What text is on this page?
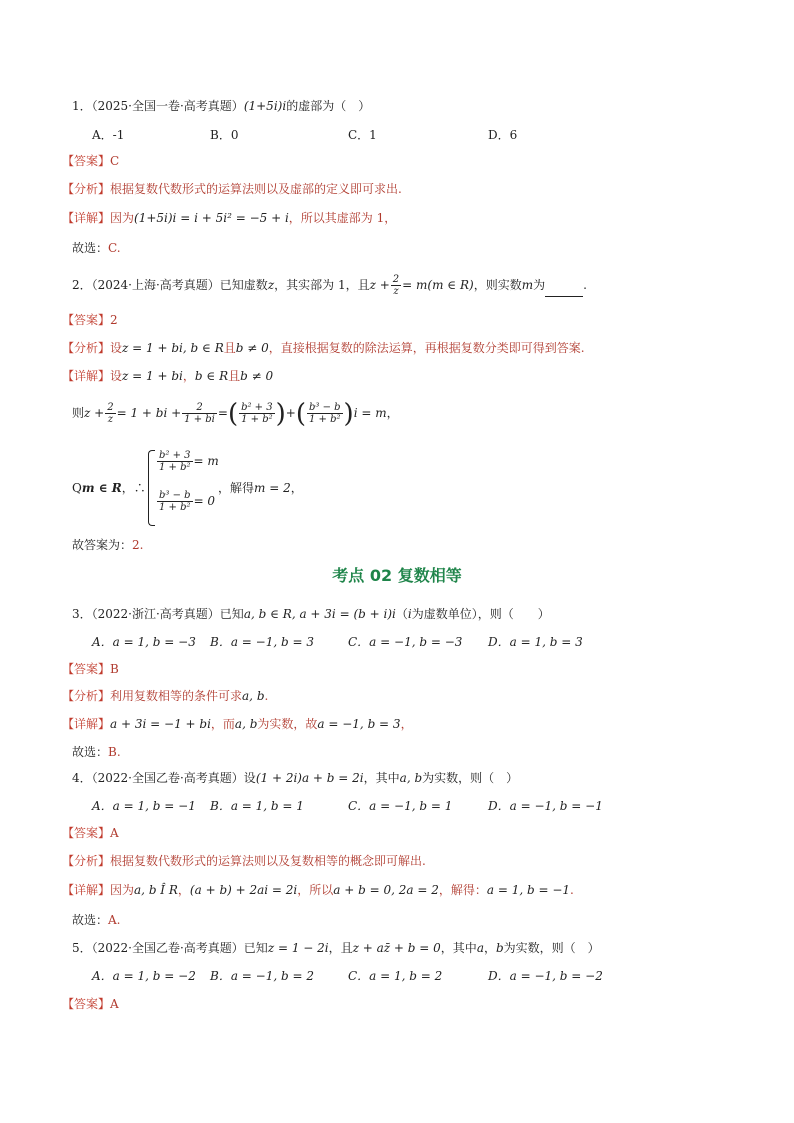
1．（2025·全国一卷·高考真题）(1+5i)i的虚部为（　）
A．-1	B．0	C．1	D．6
【答案】C
【分析】根据复数代数形式的运算法则以及虚部的定义即可求出.
【详解】因为(1+5i)i = i + 5i² = −5 + i，所以其虚部为 1，
故选：C.
2．（2024·上海·高考真题）已知虚数z，其实部为 1，且$z + \frac{2}{z} = m(m$ ∈ R)，则实数m为	.
【答案】2
【分析】设z = 1 + bi, b ∈ R且b ≠ 0，直接根据复数的除法运算，再根据复数分类即可得到答案.
【详解】设z = 1 + bi，b ∈ R且b ≠ 0
则$z + \frac{2}{z} = 1$ + bi + $\frac{2}{1 + bi}$ =( $\frac{\text{b² + 3}}{\text{1 + b²}}$ )+( $\frac{\text{b³ − b}}{\text{1 + b²}} )i = m$，
Qm ∈ R，∴
$\frac{\text{b² + 3}}{\text{1 + b²}} = m$
$\frac{\text{b³ − b}}{\text{1 + b²}} = 0$
，解得m = 2，
故答案为：2.
考点 02 复数相等
3．（2022·浙江·高考真题）已知a, b ∈ R, a + 3i = (b + i)i（i为虚数单位），则（　　）
A．a = 1, b = −3 B．a = −1, b = 3	C．a = −1, b = −3 D．a = 1, b = 3
【答案】B
【分析】利用复数相等的条件可求a, b.
【详解】a + 3i = −1 + bi，而a, b为实数，故a = −1, b = 3，
故选：B.
4．（2022·全国乙卷·高考真题）设(1 + 2i)a + b = 2i，其中a, b为实数，则（　）
A．a = 1, b = −1 B．a = 1, b = 1	C．a = −1, b = 1	D．a = −1, b = −1
【答案】A
【分析】根据复数代数形式的运算法则以及复数相等的概念即可解出.
【详解】因为a, b Î R，(a + b) + 2ai = 2i，所以a + b = 0, 2a = 2，解得：a = 1, b = −1.
故选：A.
5．（2022·全国乙卷·高考真题）已知z = 1 − 2i，且z + az̄ + b = 0，其中a，b为实数，则（　）
A．a = 1, b = −2 B．a = −1, b = 2	C．a = 1, b = 2	D．a = −1, b = −2
【答案】A
